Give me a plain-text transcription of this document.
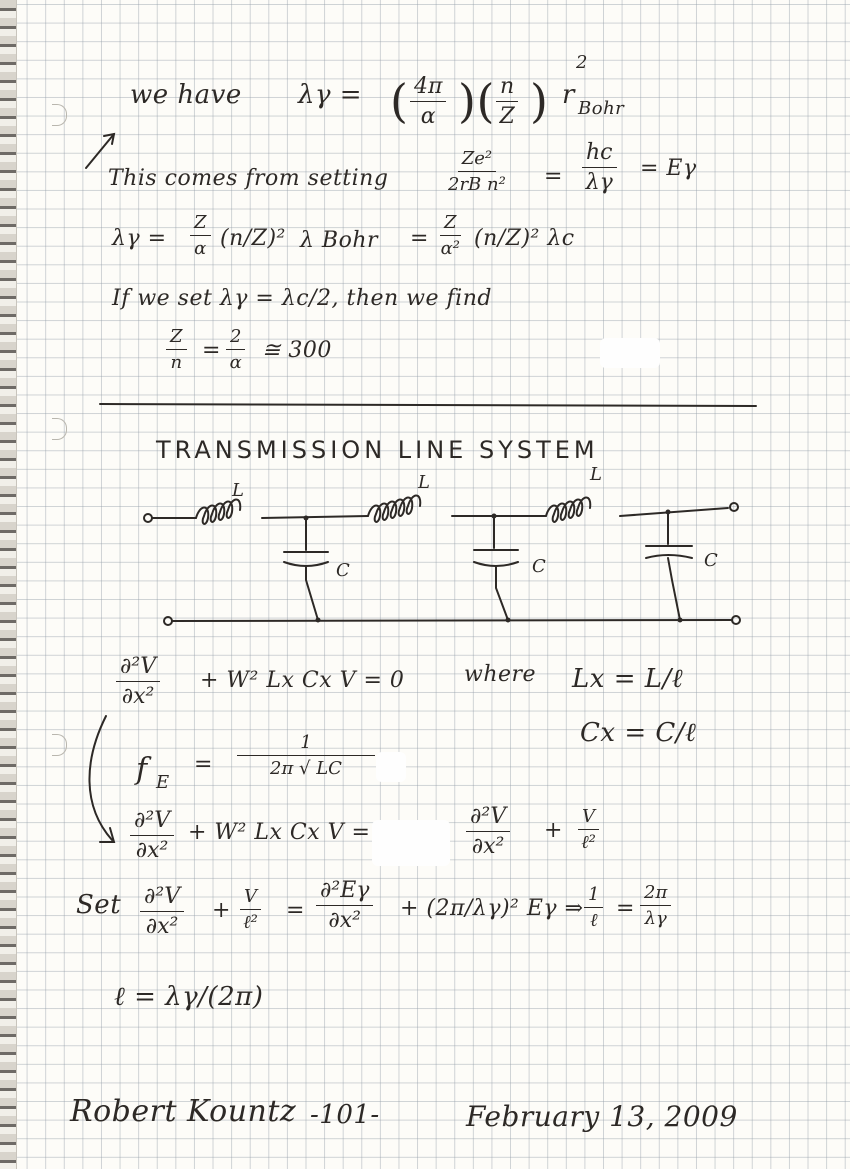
we have λγ = ( $\frac{4\pi}{\alpha}$ )( $\frac{n}{Z}$ )
2
r Bohr
This comes from setting	$\frac{\text{Ze²}}{\text{2rB n²}} = \frac{hc}{\lambda\gamma} = E\gamma$
$\lambda\gamma = \frac{Z}{\alpha} (n/Z)^2$ λ Bohr = $\frac{Z}{\text{α²}} (n/Z)^2$ λc
If we set λγ = λc/2, then we find
$\frac{Z}{n} = \frac{2}{\alpha}$ ≅ 300
TRANSMISSION LINE SYSTEM
L	L	L
C	C	C
$\frac{\text{∂²V}}{\text{∂x²}} + W^2$ Lx Cx V = 0	where Lx = L/ℓ
Cx = C/ℓ
f E
= $\frac{1}{2\pi √ LC}$
$\frac{\text{∂²V}}{\text{∂x²}} + W^2$ Lx Cx V =	$\frac{\text{∂²V}}{\text{∂x²}}$ +
V
ℓ²
Set $\frac{\text{∂²V}}{\text{∂x²}}$ +
V
ℓ² = $\frac{\text{∂²Eγ}}{\text{∂x²}} + (2\pi/\lambda\gamma)^2$ Eγ ⇒
1
ℓ = $\frac{2\pi}{\lambda\gamma}$
ℓ = λγ/(2π)
Robert Kountz -101-	February 13, 2009
